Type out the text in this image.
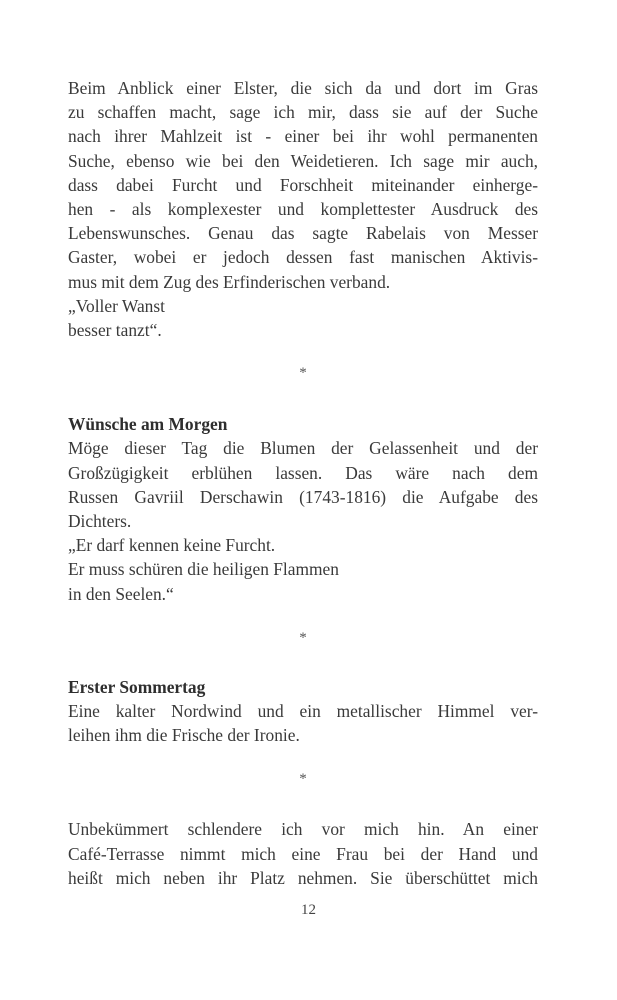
Beim Anblick einer Elster, die sich da und dort im Gras
zu schaffen macht, sage ich mir, dass sie auf der Suche
nach ihrer Mahlzeit ist - einer bei ihr wohl permanenten
Suche, ebenso wie bei den Weidetieren. Ich sage mir auch,
dass dabei Furcht und Forschheit miteinander einherge-
hen - als komplexester und komplettester Ausdruck des
Lebenswunsches. Genau das sagte Rabelais von Messer
Gaster, wobei er jedoch dessen fast manischen Aktivis-
mus mit dem Zug des Erfinderischen verband.
„Voller Wanst
besser tanzt“.
*
Wünsche am Morgen
Möge dieser Tag die Blumen der Gelassenheit und der
Großzügigkeit erblühen lassen. Das wäre nach dem
Russen Gavriil Derschawin (1743-1816) die Aufgabe des
Dichters.
„Er darf kennen keine Furcht.
Er muss schüren die heiligen Flammen
in den Seelen.“
*
Erster Sommertag
Eine kalter Nordwind und ein metallischer Himmel ver-
leihen ihm die Frische der Ironie.
*
Unbekümmert schlendere ich vor mich hin. An einer
Café-Terrasse nimmt mich eine Frau bei der Hand und
heißt mich neben ihr Platz nehmen. Sie überschüttet mich
12
